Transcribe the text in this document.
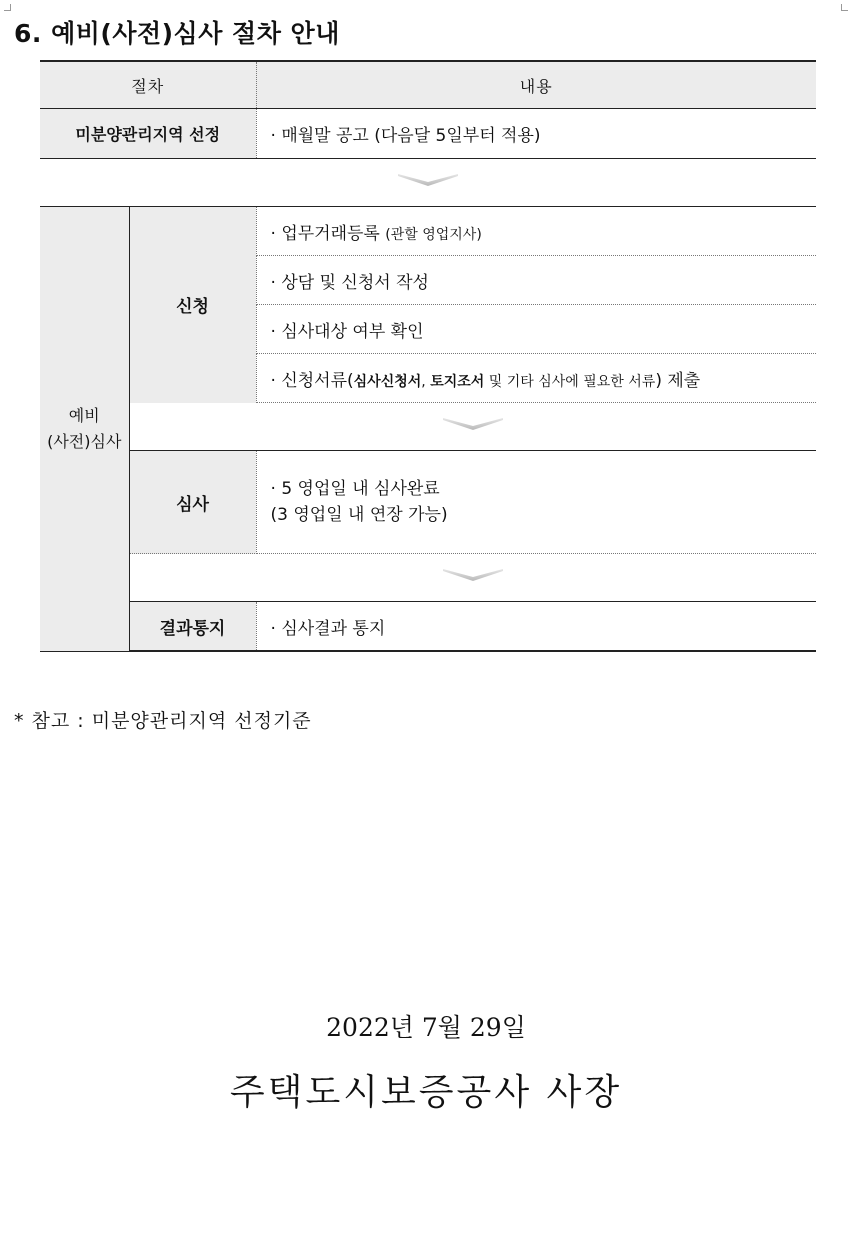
6. 예비(사전)심사 절차 안내
절차		내용
미분양관리지역 선정		· 매월말 공고 (다음달 5일부터 적용)

예비
(사전)심사	신청	· 업무거래등록 (관할 영업지사)
		· 상담 및 신청서 작성
		· 심사대상 여부 확인
		· 신청서류(심사신청서, 토지조서 및 기타 심사에 필요한 서류) 제출

	심사	· 5 영업일 내 심사완료
(3 영업일 내 연장 가능)

	결과통지	· 심사결과 통지
* 참고 : 미분양관리지역 선정기준
2022년 7월 29일
주택도시보증공사 사장
